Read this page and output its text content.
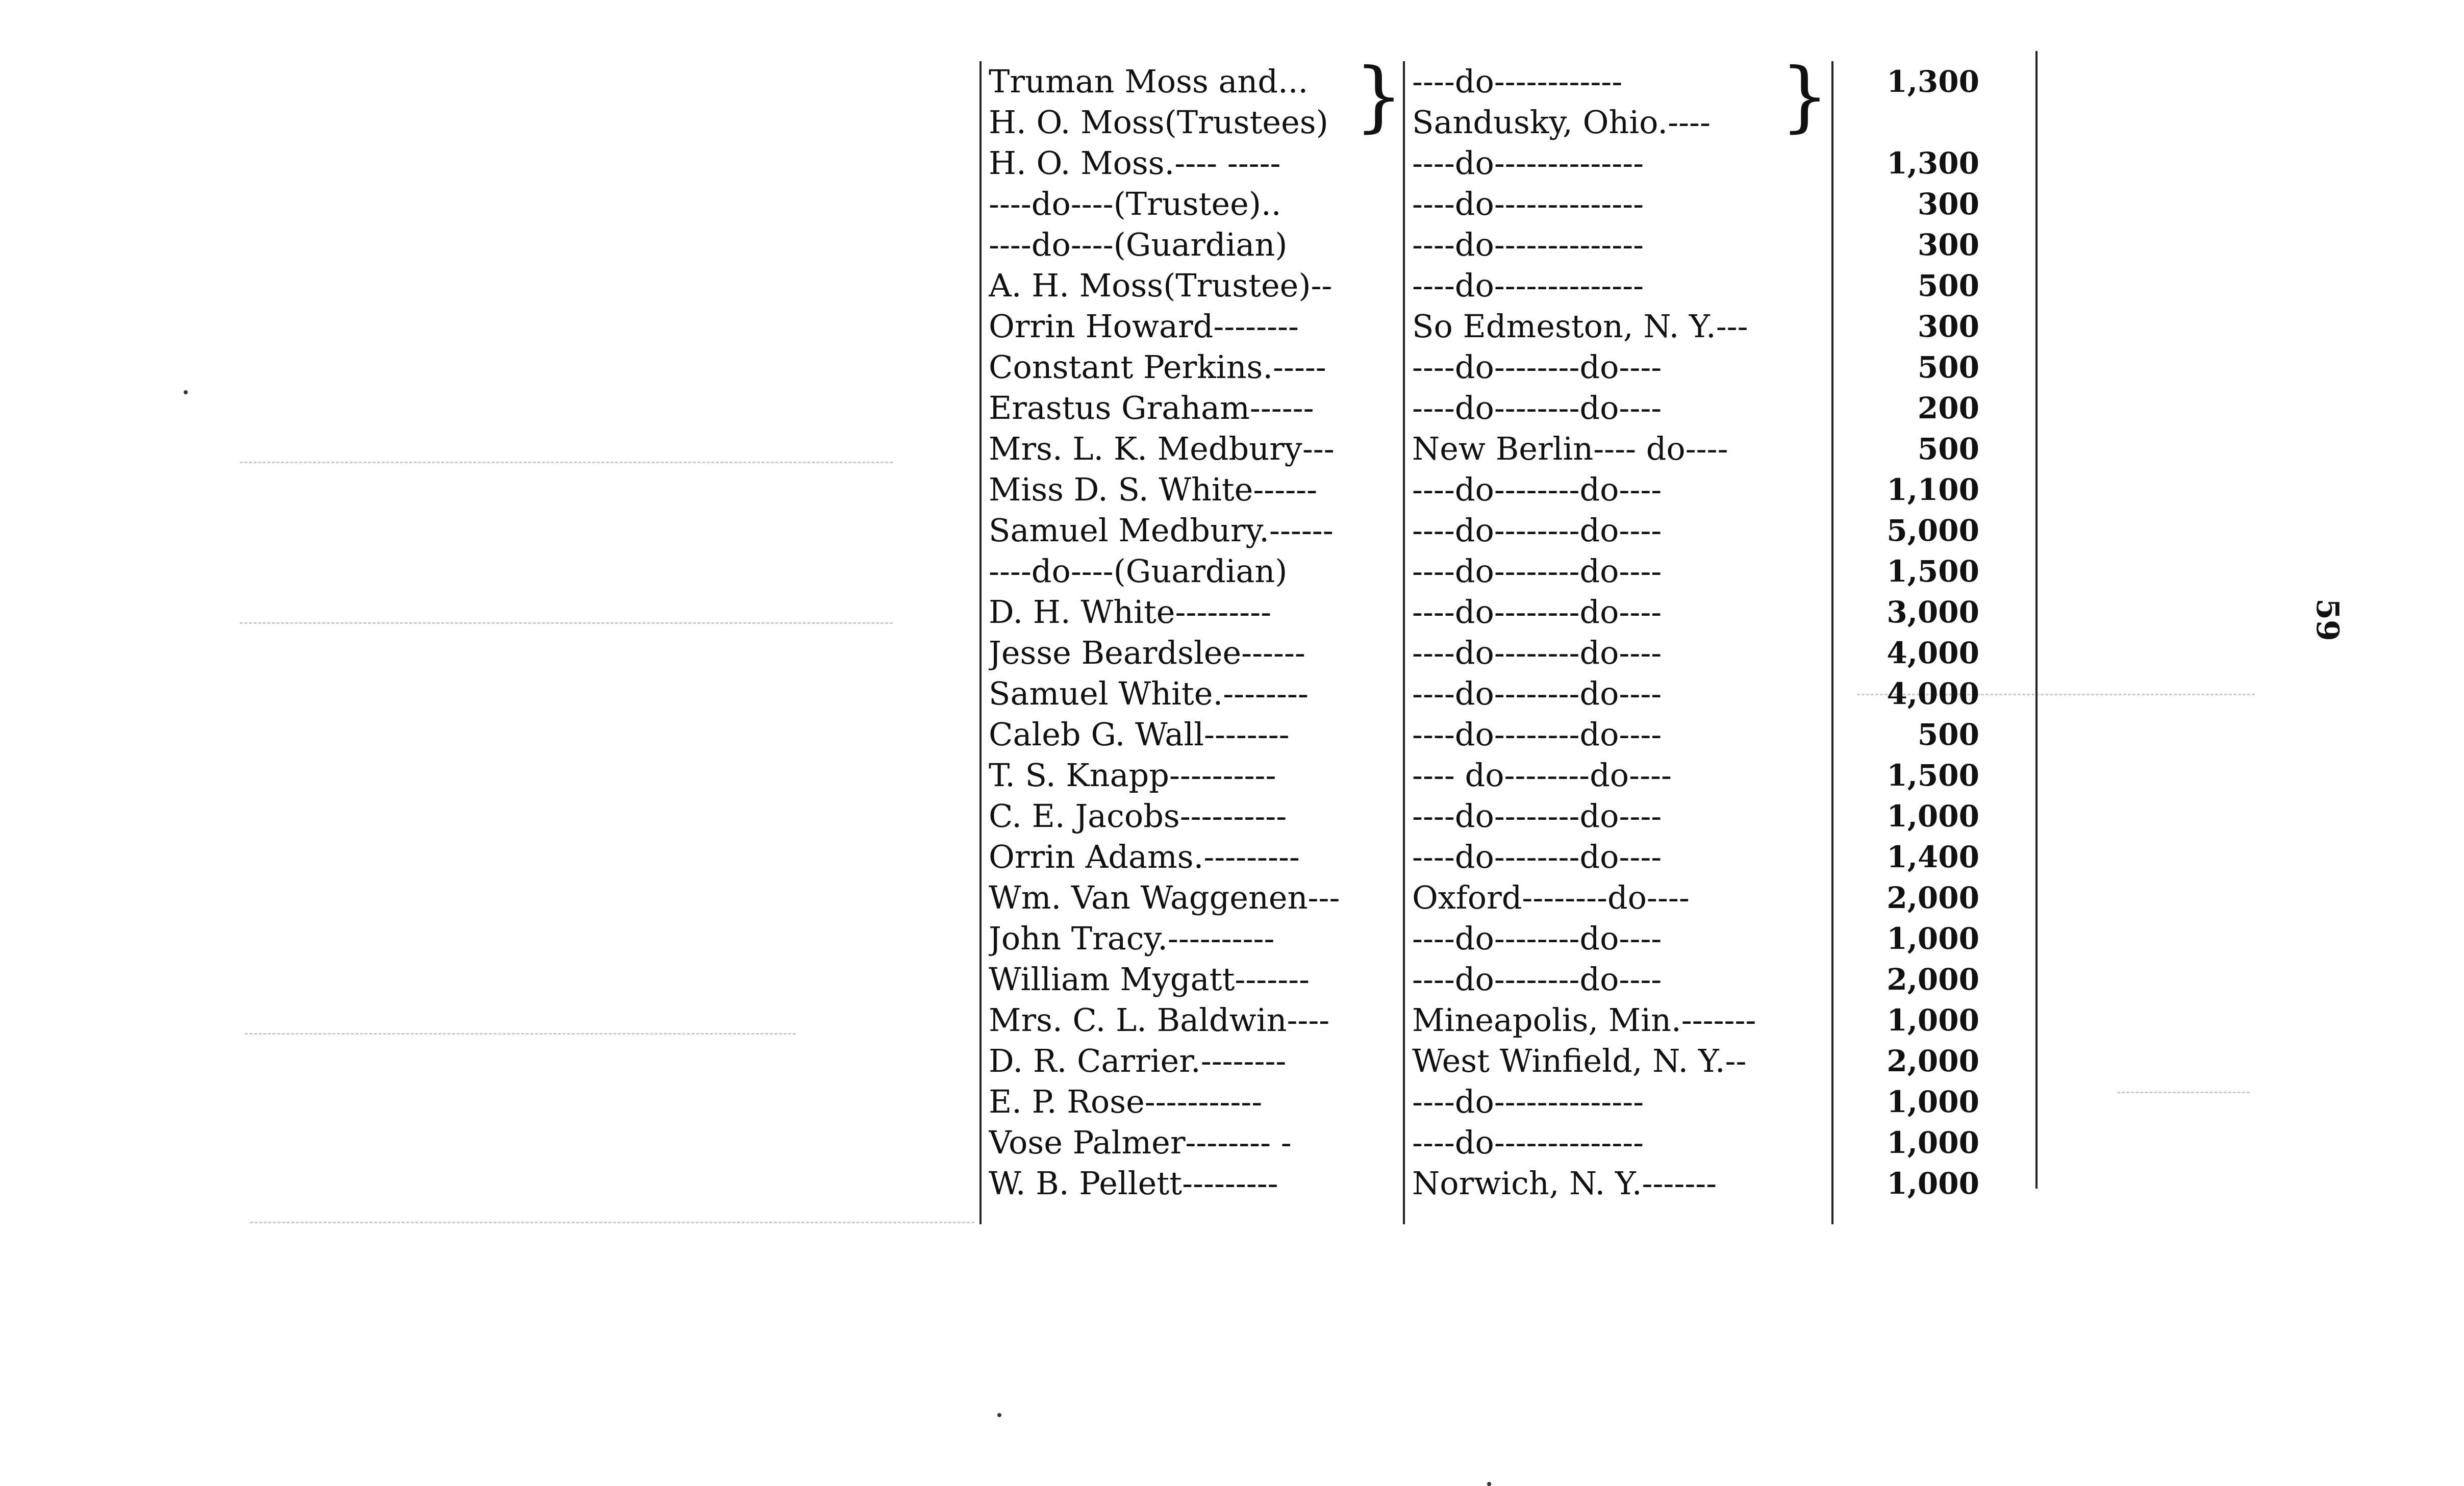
}	}
Truman Moss and...	----do------------	1,300
H. O. Moss(Trustees)	Sandusky, Ohio.----
H. O. Moss.---- -----	----do--------------	1,300
----do----(Trustee)..	----do--------------	300
----do----(Guardian)	----do--------------	300
A. H. Moss(Trustee)--	----do--------------	500
Orrin Howard--------	So Edmeston, N. Y.---	300
Constant Perkins.-----	----do--------do----	500
Erastus Graham------	----do--------do----	200
Mrs. L. K. Medbury---	New Berlin---- do----	500
Miss D. S. White------	----do--------do----	1,100
Samuel Medbury.------	----do--------do----	5,000
----do----(Guardian)	----do--------do----	1,500
D. H. White---------	----do--------do----	3,000
Jesse Beardslee------	----do--------do----	4,000
Samuel White.--------	----do--------do----	4,000
Caleb G. Wall--------	----do--------do----	500
T. S. Knapp----------	---- do--------do----	1,500
C. E. Jacobs----------	----do--------do----	1,000
Orrin Adams.---------	----do--------do----	1,400
Wm. Van Waggenen---	Oxford--------do----	2,000
John Tracy.----------	----do--------do----	1,000
William Mygatt-------	----do--------do----	2,000
Mrs. C. L. Baldwin----	Mineapolis, Min.-------	1,000
D. R. Carrier.--------	West Winfield, N. Y.--	2,000
E. P. Rose-----------	----do--------------	1,000
Vose Palmer-------- -	----do--------------	1,000
W. B. Pellett---------	Norwich, N. Y.-------	1,000
59
